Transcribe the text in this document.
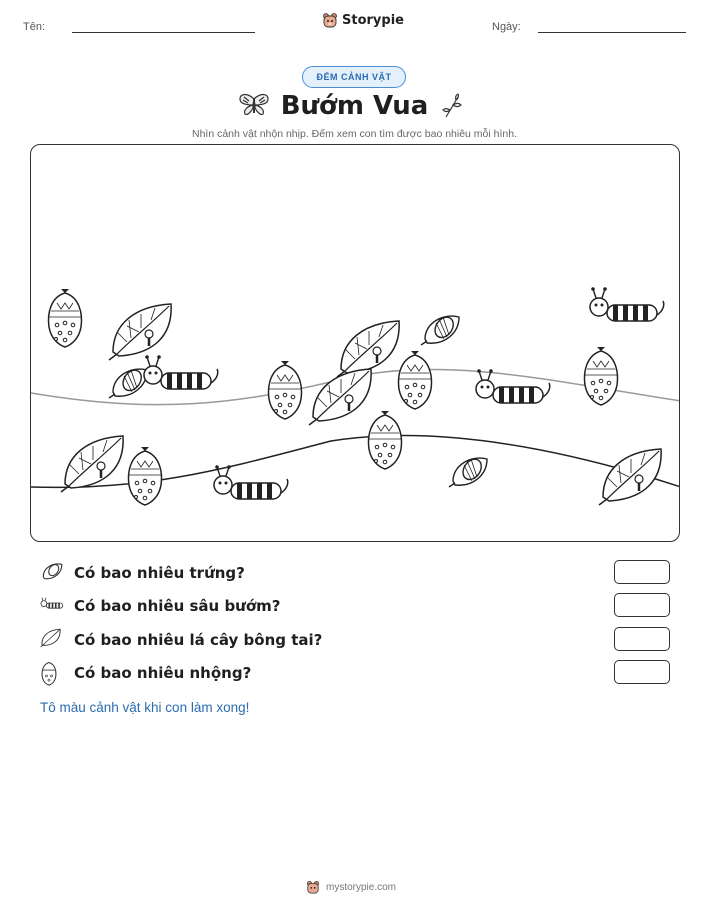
Tên:	Ngày:
Storypie
ĐẾM CẢNH VẬT
Bướm Vua
Nhìn cảnh vật nhộn nhịp. Đếm xem con tìm được bao nhiêu mỗi hình.
Có bao nhiêu trứng?
Có bao nhiêu sâu bướm?
Có bao nhiêu lá cây bông tai?
Có bao nhiêu nhộng?
Tô màu cảnh vật khi con làm xong!
mystorypie.com
